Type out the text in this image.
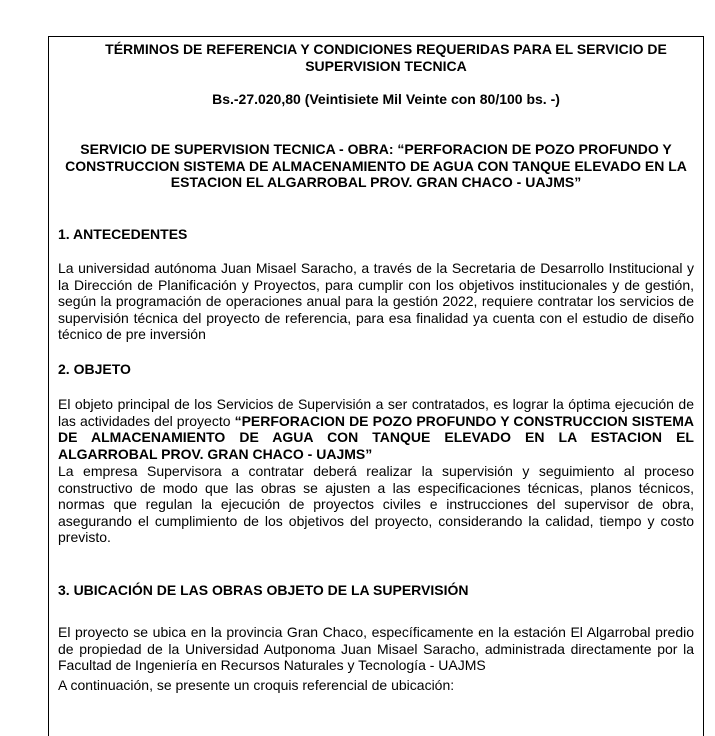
TÉRMINOS DE REFERENCIA Y CONDICIONES REQUERIDAS PARA EL SERVICIO DE SUPERVISION TECNICA
Bs.-27.020,80 (Veintisiete Mil Veinte con 80/100 bs. -)
SERVICIO DE SUPERVISION TECNICA - OBRA: “PERFORACION DE POZO PROFUNDO Y CONSTRUCCION SISTEMA DE ALMACENAMIENTO DE AGUA CON TANQUE ELEVADO EN LA ESTACION EL ALGARROBAL PROV. GRAN CHACO - UAJMS”
1. ANTECEDENTES
La universidad autónoma Juan Misael Saracho, a través de la Secretaria de Desarrollo Institucional y la Dirección de Planificación y Proyectos, para cumplir con los objetivos institucionales y de gestión, según la programación de operaciones anual para la gestión 2022, requiere contratar los servicios de supervisión técnica del proyecto de referencia, para esa finalidad ya cuenta con el estudio de diseño técnico de pre inversión
2. OBJETO
El objeto principal de los Servicios de Supervisión a ser contratados, es lograr la óptima ejecución de las actividades del proyecto “PERFORACION DE POZO PROFUNDO Y CONSTRUCCION SISTEMA DE ALMACENAMIENTO DE AGUA CON TANQUE ELEVADO EN LA ESTACION EL ALGARROBAL PROV. GRAN CHACO - UAJMS”
La empresa Supervisora a contratar deberá realizar la supervisión y seguimiento al proceso constructivo de modo que las obras se ajusten a las especificaciones técnicas, planos técnicos, normas que regulan la ejecución de proyectos civiles e instrucciones del supervisor de obra, asegurando el cumplimiento de los objetivos del proyecto, considerando la calidad, tiempo y costo previsto.
3. UBICACIÓN DE LAS OBRAS OBJETO DE LA SUPERVISIÓN
El proyecto se ubica en la provincia Gran Chaco, específicamente en la estación El Algarrobal predio de propiedad de la Universidad Autponoma Juan Misael Saracho, administrada directamente por la Facultad de Ingeniería en Recursos Naturales y Tecnología - UAJMS
A continuación, se presente un croquis referencial de ubicación:
